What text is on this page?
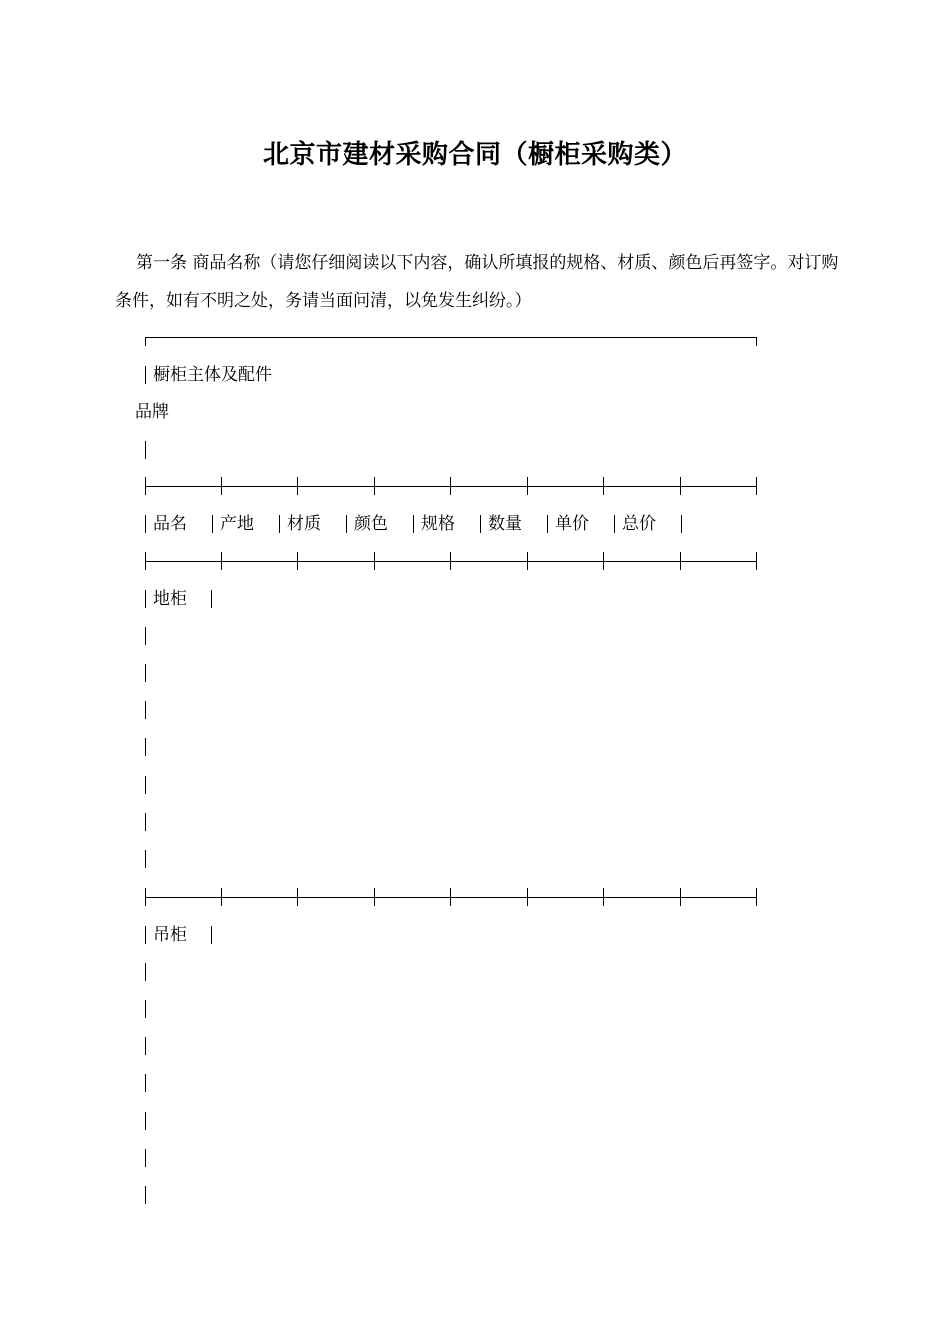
北京市建材采购合同（橱柜采购类）

第一条 商品名称（请您仔细阅读以下内容，确认所填报的规格、材质、颜色后再签字。对订购条件，如有不明之处，务请当面问清，以免发生纠纷。）

橱柜主体及配件
品牌
品名 产地 材质 颜色 规格 数量 单价 总价
地柜
吊柜
